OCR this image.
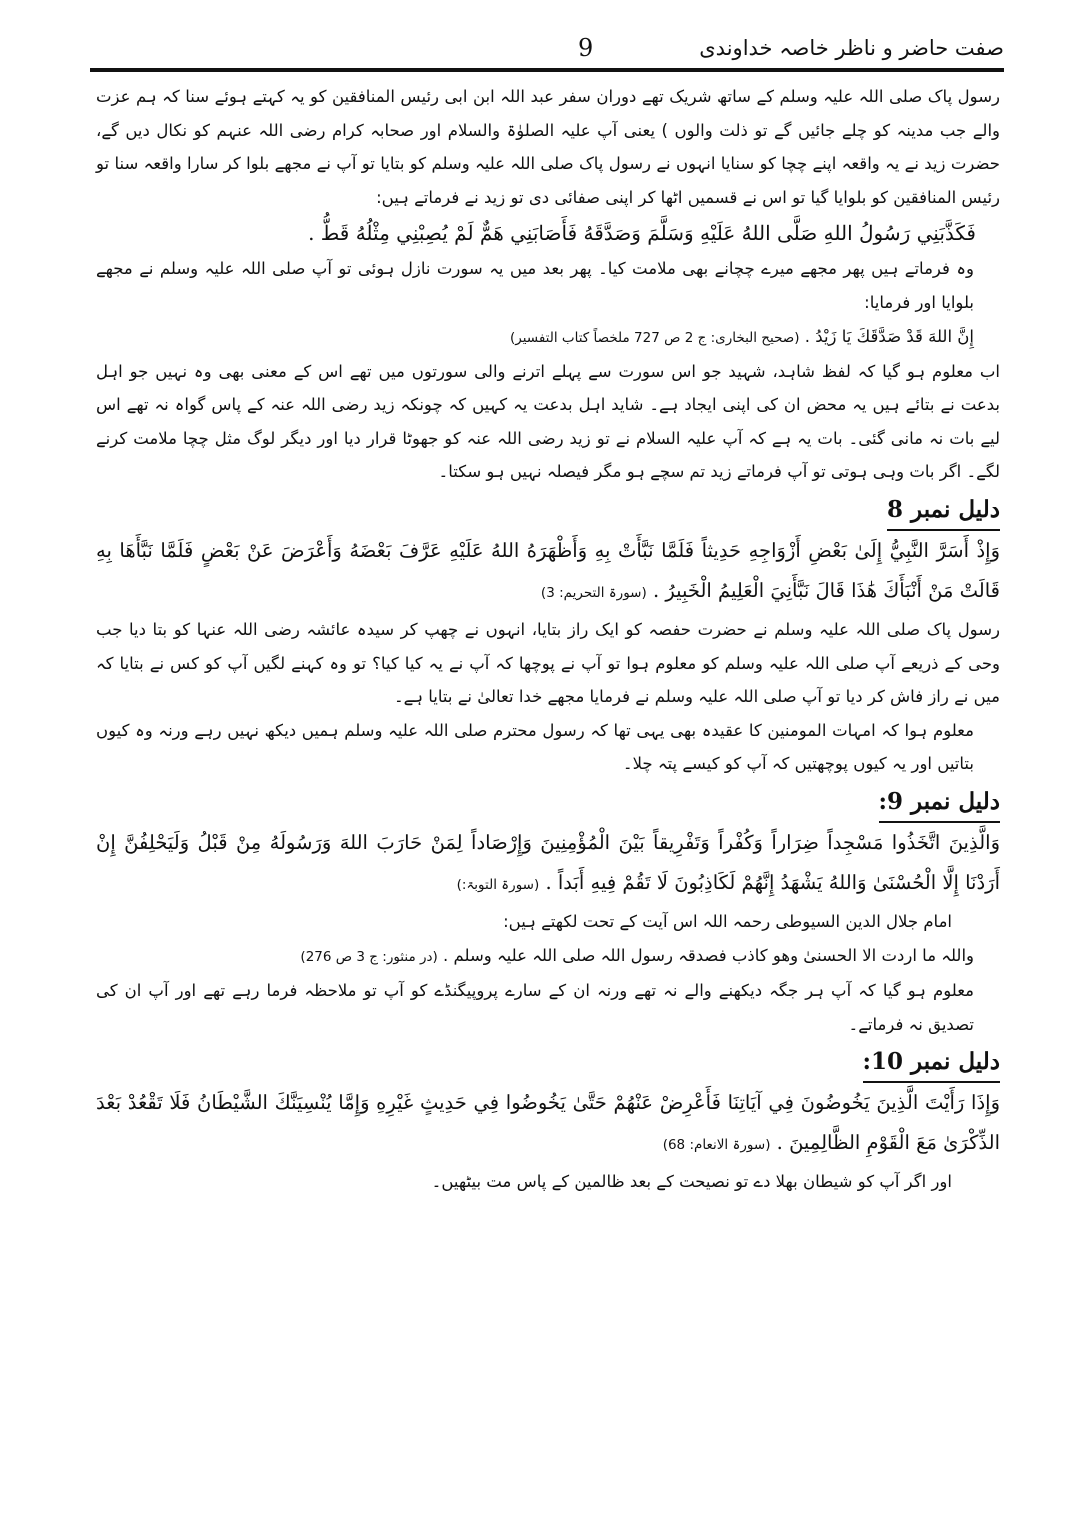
صفت حاضر و ناظر خاصہ خداوندی
9

رسول پاک صلی اللہ علیہ وسلم کے ساتھ شریک تھے دوران سفر عبد اللہ ابن ابی رئیس المنافقین کو یہ کہتے ہوئے سنا کہ ہم عزت والے جب مدینہ کو چلے جائیں گے تو ذلت والوں ) یعنی آپ علیہ الصلوٰۃ والسلام اور صحابہ کرام رضی اللہ عنہم کو نکال دیں گے، حضرت زید نے یہ واقعہ اپنے چچا کو سنایا انہوں نے رسول پاک صلی اللہ علیہ وسلم کو بتایا تو آپ نے مجھے بلوا کر سارا واقعہ سنا تو رئیس المنافقین کو بلوایا گیا تو اس نے قسمیں اٹھا کر اپنی صفائی دی تو زید نے فرماتے ہیں:

فَكَذَّبَنِي رَسُولُ اللهِ صَلَّى اللهُ عَلَيْهِ وَسَلَّمَ وَصَدَّقَهُ فَأَصَابَنِي هَمٌّ لَمْ يُصِبْنِي مِثْلُهُ قَطُّ .

وہ فرماتے ہیں پھر مجھے میرے چچانے بھی ملامت کیا۔ پھر بعد میں یہ سورت نازل ہوئی تو آپ صلی اللہ علیہ وسلم نے مجھے بلوایا اور فرمایا:

إِنَّ اللهَ قَدْ صَدَّقَكَ يَا زَيْدُ . (صحیح البخاری: ج 2 ص 727 ملخصاً کتاب التفسیر)

اب معلوم ہو گیا کہ لفظ شاہد، شہید جو اس سورت سے پہلے اترنے والی سورتوں میں تھے اس کے معنی بھی وہ نہیں جو اہل بدعت نے بتائے ہیں یہ محض ان کی اپنی ایجاد ہے۔ شاید اہل بدعت یہ کہیں کہ چونکہ زید رضی اللہ عنہ کے پاس گواہ نہ تھے اس لیے بات نہ مانی گئی۔ بات یہ ہے کہ آپ علیہ السلام نے تو زید رضی اللہ عنہ کو جھوٹا قرار دیا اور دیگر لوگ مثل چچا ملامت کرنے لگے۔ اگر بات وہی ہوتی تو آپ فرماتے زید تم سچے ہو مگر فیصلہ نہیں ہو سکتا۔

دلیل نمبر 8

وَإِذْ أَسَرَّ النَّبِيُّ إِلَىٰ بَعْضِ أَزْوَاجِهِ حَدِيثاً فَلَمَّا نَبَّأَتْ بِهِ وَأَظْهَرَهُ اللهُ عَلَيْهِ عَرَّفَ بَعْضَهُ وَأَعْرَضَ عَنْ بَعْضٍ فَلَمَّا نَبَّأَهَا بِهِ قَالَتْ مَنْ أَنْبَأَكَ هَٰذَا قَالَ نَبَّأَنِيَ الْعَلِيمُ الْخَبِيرُ . (سورۃ التحریم: 3)

رسول پاک صلی اللہ علیہ وسلم نے حضرت حفصہ کو ایک راز بتایا، انہوں نے چھپ کر سیدہ عائشہ رضی اللہ عنہا کو بتا دیا جب وحی کے ذریعے آپ صلی اللہ علیہ وسلم کو معلوم ہوا تو آپ نے پوچھا کہ آپ نے یہ کیا کیا؟ تو وہ کہنے لگیں آپ کو کس نے بتایا کہ میں نے راز فاش کر دیا تو آپ صلی اللہ علیہ وسلم نے فرمایا مجھے خدا تعالیٰ نے بتایا ہے۔

معلوم ہوا کہ امہات المومنین کا عقیدہ بھی یہی تھا کہ رسول محترم صلی اللہ علیہ وسلم ہمیں دیکھ نہیں رہے ورنہ وہ کیوں بتاتیں اور یہ کیوں پوچھتیں کہ آپ کو کیسے پتہ چلا۔

دلیل نمبر 9:

وَالَّذِينَ اتَّخَذُوا مَسْجِداً ضِرَاراً وَكُفْراً وَتَفْرِيقاً بَيْنَ الْمُؤْمِنِينَ وَإِرْصَاداً لِمَنْ حَارَبَ اللهَ وَرَسُولَهُ مِنْ قَبْلُ وَلَيَحْلِفُنَّ إِنْ أَرَدْنَا إِلَّا الْحُسْنَىٰ وَاللهُ يَشْهَدُ إِنَّهُمْ لَكَاذِبُونَ لَا تَقُمْ فِيهِ أَبَداً . (سورۃ التوبۃ:)

امام جلال الدین السیوطی رحمہ اللہ اس آیت کے تحت لکھتے ہیں:

واللہ ما اردت الا الحسنیٰ وھو کاذب فصدقہ رسول اللہ صلی اللہ علیہ وسلم . (در منثور: ج 3 ص 276)

معلوم ہو گیا کہ آپ ہر جگہ دیکھنے والے نہ تھے ورنہ ان کے سارے پروپیگنڈے کو آپ تو ملاحظہ فرما رہے تھے اور آپ ان کی تصدیق نہ فرماتے۔

دلیل نمبر 10:

وَإِذَا رَأَيْتَ الَّذِينَ يَخُوضُونَ فِي آيَاتِنَا فَأَعْرِضْ عَنْهُمْ حَتَّىٰ يَخُوضُوا فِي حَدِيثٍ غَيْرِهِ وَإِمَّا يُنْسِيَنَّكَ الشَّيْطَانُ فَلَا تَقْعُدْ بَعْدَ الذِّكْرَىٰ مَعَ الْقَوْمِ الظَّالِمِينَ . (سورۃ الانعام: 68)

اور اگر آپ کو شیطان بھلا دے تو نصیحت کے بعد ظالمین کے پاس مت بیٹھیں۔
